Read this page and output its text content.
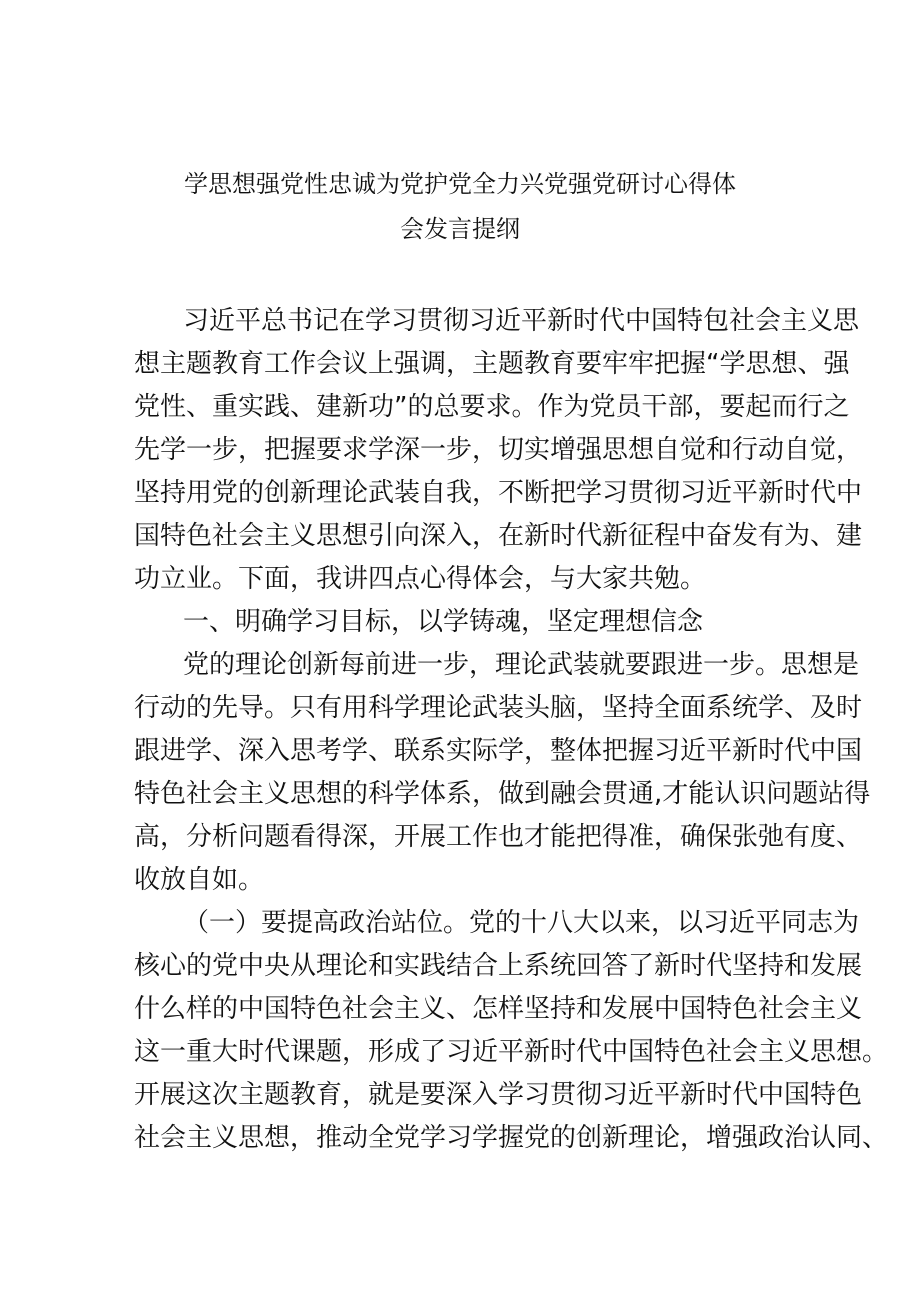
学思想强党性忠诚为党护党全力兴党强党研讨心得体
会发言提纲
习近平总书记在学习贯彻习近平新时代中国特包社会主义思
想主题教育工作会议上强调，主题教育要牢牢把握“学思想、强
党性、重实践、建新功”的总要求。作为党员干部，要起而行之
先学一步，把握要求学深一步，切实增强思想自觉和行动自觉，
坚持用党的创新理论武装自我，不断把学习贯彻习近平新时代中
国特色社会主义思想引向深入，在新时代新征程中奋发有为、建
功立业。下面，我讲四点心得体会，与大家共勉。
一、明确学习目标，以学铸魂，坚定理想信念
党的理论创新每前进一步，理论武装就要跟进一步。思想是
行动的先导。只有用科学理论武装头脑，坚持全面系统学、及时
跟进学、深入思考学、联系实际学，整体把握习近平新时代中国
特色社会主义思想的科学体系，做到融会贯通,才能认识问题站得
高，分析问题看得深，开展工作也才能把得准，确保张弛有度、
收放自如。
（一）要提高政治站位。党的十八大以来，以习近平同志为
核心的党中央从理论和实践结合上系统回答了新时代坚持和发展
什么样的中国特色社会主义、怎样坚持和发展中国特色社会主义
这一重大时代课题，形成了习近平新时代中国特色社会主义思想。
开展这次主题教育，就是要深入学习贯彻习近平新时代中国特色
社会主义思想，推动全党学习学握党的创新理论，增强政治认同、
